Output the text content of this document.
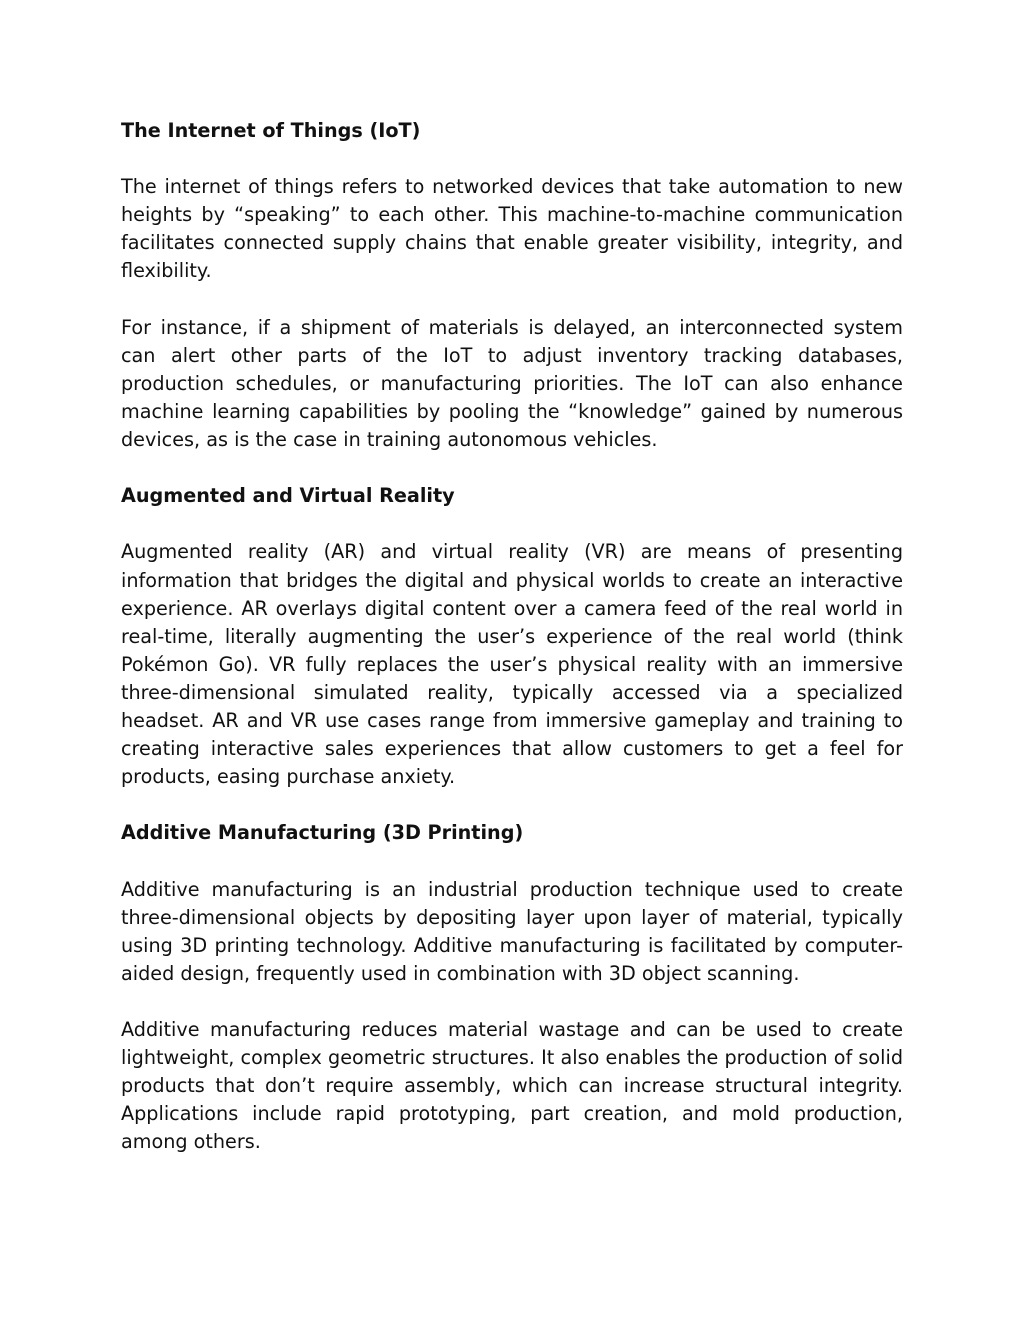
The Internet of Things (IoT)

The internet of things refers to networked devices that take automation to new heights by “speaking” to each other. This machine-to-machine communication facilitates connected supply chains that enable greater visibility, integrity, and flexibility.

For instance, if a shipment of materials is delayed, an interconnected system can alert other parts of the IoT to adjust inventory tracking databases, production schedules, or manufacturing priorities. The IoT can also enhance machine learning capabilities by pooling the “knowledge” gained by numerous devices, as is the case in training autonomous vehicles.

Augmented and Virtual Reality

Augmented reality (AR) and virtual reality (VR) are means of presenting information that bridges the digital and physical worlds to create an interactive experience. AR overlays digital content over a camera feed of the real world in real-time, literally augmenting the user’s experience of the real world (think Pokémon Go). VR fully replaces the user’s physical reality with an immersive three-dimensional simulated reality, typically accessed via a specialized headset. AR and VR use cases range from immersive gameplay and training to creating interactive sales experiences that allow customers to get a feel for products, easing purchase anxiety.

Additive Manufacturing (3D Printing)

Additive manufacturing is an industrial production technique used to create three-dimensional objects by depositing layer upon layer of material, typically using 3D printing technology. Additive manufacturing is facilitated by computer-aided design, frequently used in combination with 3D object scanning.

Additive manufacturing reduces material wastage and can be used to create lightweight, complex geometric structures. It also enables the production of solid products that don’t require assembly, which can increase structural integrity. Applications include rapid prototyping, part creation, and mold production, among others.
